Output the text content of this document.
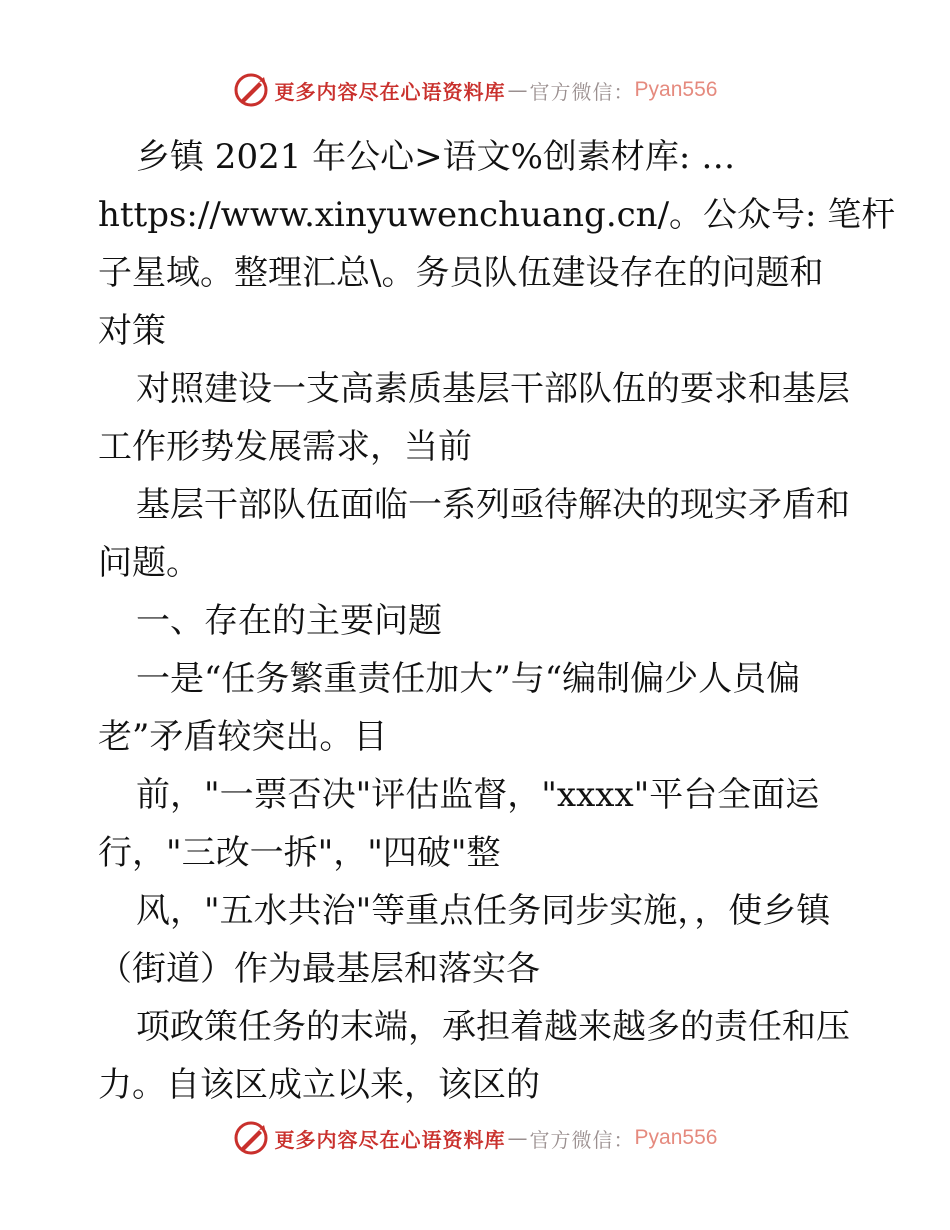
更多内容尽在心语资料库 — 官方微信： Pyan556
乡镇 2021 年公心>语文%创素材库: …
https://www.xinyuwenchuang.cn/。公众号: 笔杆
子星域。整理汇总\。务员队伍建设存在的问题和
对策
对照建设一支高素质基层干部队伍的要求和基层
工作形势发展需求，当前
基层干部队伍面临一系列亟待解决的现实矛盾和
问题。
一、存在的主要问题
一是“任务繁重责任加大”与“编制偏少人员偏
老”矛盾较突出。目
前，"一票否决"评估监督，"xxxx"平台全面运
行，"三改一拆"，"四破"整
风，"五水共治"等重点任务同步实施，，使乡镇
（街道）作为最基层和落实各
项政策任务的末端，承担着越来越多的责任和压
力。自该区成立以来，该区的
更多内容尽在心语资料库 — 官方微信： Pyan556
